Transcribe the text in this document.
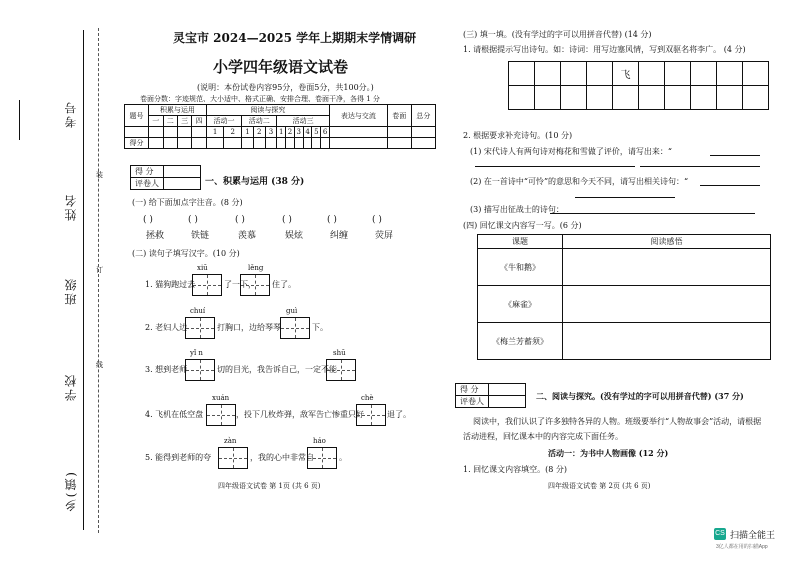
考号
姓名
班级
学校
乡(镇)
装
订
线
灵宝市 2024—2025 学年上期期末学情调研
小学四年级语文试卷
(说明：本份试卷内容95分，卷面5分，共100分。)
卷面分数：字迹规范、大小适中、格式正确、安排合理、卷面干净，各得 1 分
题号	积累与运用				阅读与探究											表达与交流	卷面	总分
	一	二	三	四	活动一		活动二			活动三								
					1	2	1	2	3	1	2	3	4	5	6			
得分																		
得 分	
评卷人		一、积累与运用 (38 分)
(一) 给下面加点字注音。(8 分)
( )	( )	( )	( )	( )	( )
拯救	铁链	羡慕	娱炫	纠缠	荧屏
(二) 读句子填写汉字。(10 分)
xiū	lěng
1. 猫狗跑过去	了一下， 住了。
chuí	guì
2. 老妇人边	打胸口，边给琴琴	下。
yǐ n	shū
3. 想到老师	切的目光，我告诉自己，一定不能
xuán	chè
4. 飞机在低空盘	，投下几枚炸弹，敌军告亡惨重只好	退了。
zàn	háo
5. 能得到老师的夸	，我的心中非常自	。
四年级语文试卷 第 1页 (共 6 页)
(三) 填一填。(没有学过的字可以用拼音代替) (14 分)
1. 请根据提示写出诗句。如：诗词：用写边塞风情，写到双驱名将李广。 (4 分)
				飞					

2. 根据要求补充诗句。(10 分)
(1) 宋代诗人有两句诗对梅花和雪做了评价，请写出来：“
(2) 在一首诗中“可怜”的意思和今天不同，请写出相关诗句：“
(3) 描写出征战士的诗句：
(四) 回忆课文内容写一写。(6 分)
课题	阅读感悟
《牛和鹅》	
《麻雀》	
《梅兰芳蓄须》	
得 分	
评卷人	
二、阅读与探究。(没有学过的字可以用拼音代替) (37 分)
阅读中，我们认识了许多独特各异的人物。班级要举行“人物故事会”活动，请根据
活动进程，回忆课本中的内容完成下面任务。
活动一：为书中人物画像 (12 分)
1. 回忆课文内容填空。(8 分)
四年级语文试卷 第 2页 (共 6 页)
CS 扫描全能王
3亿人都在用的扫描App
